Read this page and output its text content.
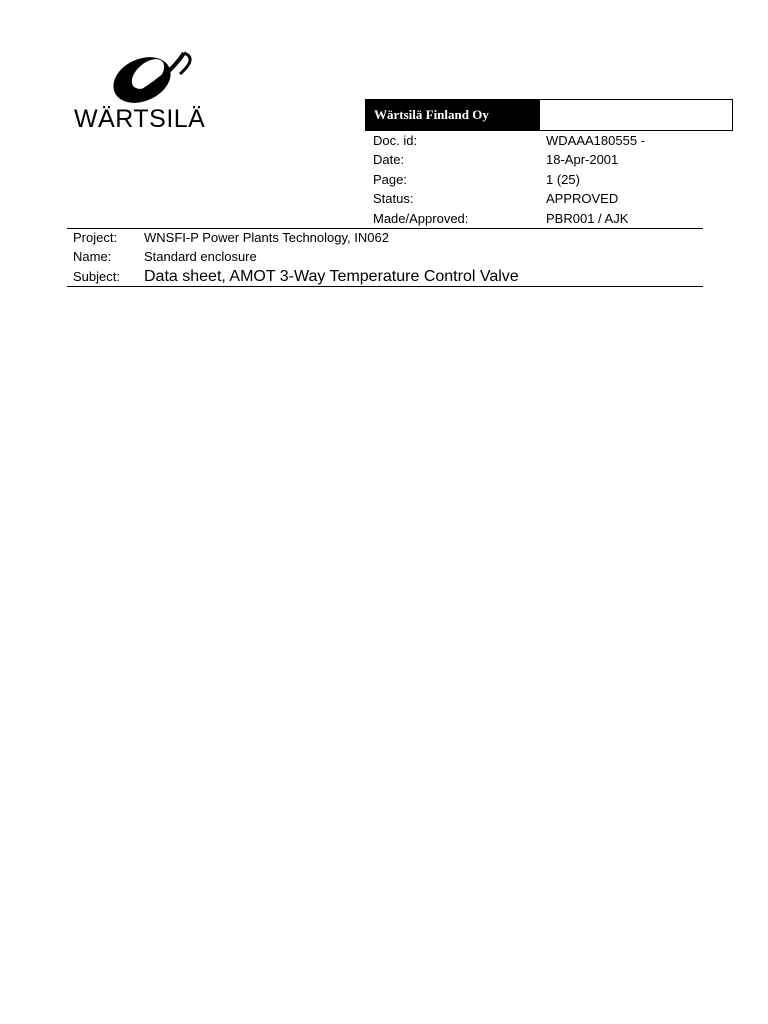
WÄRTSILÄ	Wärtsilä Finland Oy
Doc. id:	WDAAA180555 -
Date:	18-Apr-2001
Page:	1 (25)
Status:	APPROVED
Made/Approved:	PBR001 / AJK
Project:	WNSFI-P Power Plants Technology, IN062
Name:	Standard enclosure
Subject:	Data sheet, AMOT 3-Way Temperature Control Valve
